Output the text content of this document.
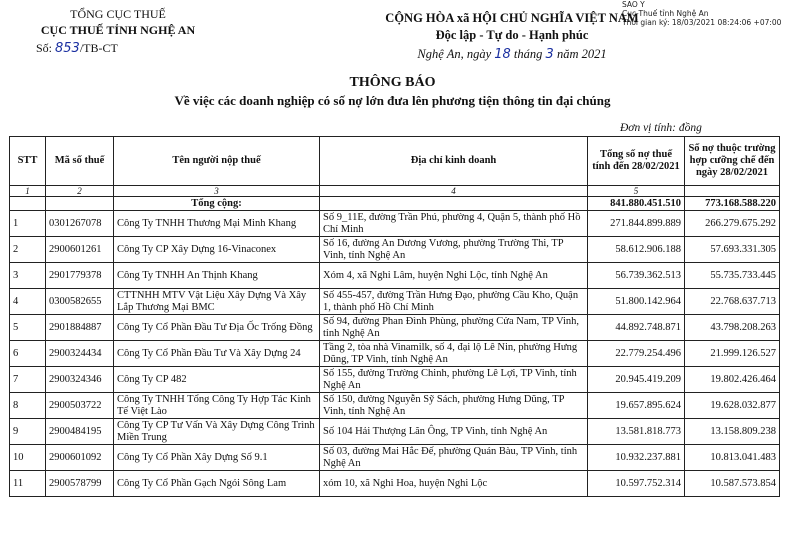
SAO Y
Cục Thuế tỉnh Nghệ An
Thời gian ký: 18/03/2021 08:24:06 +07:00
TỔNG CỤC THUẾ
CỤC THUẾ TỈNH NGHỆ AN
Số: 853/TB-CT
CỘNG HÒA xã HỘI CHỦ NGHĨA VIỆT NAM
Độc lập - Tự do - Hạnh phúc
Nghệ An, ngày 18 tháng 3 năm 2021
THÔNG BÁO
Về việc các doanh nghiệp có số nợ lớn đưa lên phương tiện thông tin đại chúng
Đơn vị tính: đồng
STT	Mã số thuế	Tên người nộp thuế	Địa chỉ kinh doanh	Tổng số nợ thuế tính đến 28/02/2021	Số nợ thuộc trường hợp cưỡng chế đến ngày 28/02/2021
1	2	3	4	5	
		Tổng cộng:		841.880.451.510	773.168.588.220
1	0301267078	Công Ty TNHH Thương Mại Minh Khang	Số 9_11E, đường Trần Phú, phường 4, Quận 5, thành phố Hồ Chí Minh	271.844.899.889	266.279.675.292
2	2900601261	Công Ty CP Xây Dựng 16-Vinaconex	Số 16, đường An Dương Vương, phường Trường Thi, TP Vinh, tỉnh Nghệ An	58.612.906.188	57.693.331.305
3	2901779378	Công Ty TNHH An Thịnh Khang	Xóm 4, xã Nghi Lâm, huyện Nghi Lộc, tỉnh Nghệ An	56.739.362.513	55.735.733.445
4	0300582655	CTTNHH MTV Vật Liệu Xây Dựng Và Xây Lắp Thương Mại BMC	Số 455-457, đường Trần Hưng Đạo, phường Cầu Kho, Quận 1, thành phố Hồ Chí Minh	51.800.142.964	22.768.637.713
5	2901884887	Công Ty Cổ Phần Đầu Tư Địa Ốc Trống Đồng	Số 94, đường Phan Đình Phùng, phường Cửa Nam, TP Vinh, tỉnh Nghệ An	44.892.748.871	43.798.208.263
6	2900324434	Công Ty Cổ Phần Đầu Tư Và Xây Dựng 24	Tầng 2, tòa nhà Vinamilk, số 4, đại lộ Lê Nin, phường Hưng Dũng, TP Vinh, tỉnh Nghệ An	22.779.254.496	21.999.126.527
7	2900324346	Công Ty CP 482	Số 155, đường Trường Chinh, phường Lê Lợi, TP Vinh, tỉnh Nghệ An	20.945.419.209	19.802.426.464
8	2900503722	Công Ty TNHH Tổng Công Ty Hợp Tác Kinh Tế Việt Lào	Số 150, đường Nguyễn Sỹ Sách, phường Hưng Dũng, TP Vinh, tỉnh Nghệ An	19.657.895.624	19.628.032.877
9	2900484195	Công Ty CP Tư Vấn Và Xây Dựng Công Trình Miền Trung	Số 104 Hải Thượng Lãn Ông, TP Vinh, tỉnh Nghệ An	13.581.818.773	13.158.809.238
10	2900601092	Công Ty Cổ Phần Xây Dựng Số 9.1	Số 03, đường Mai Hắc Đế, phường Quán Bàu, TP Vinh, tỉnh Nghệ An	10.932.237.881	10.813.041.483
11	2900578799	Công Ty Cổ Phần Gạch Ngói Sông Lam	xóm 10, xã Nghi Hoa, huyện Nghi Lộc	10.597.752.314	10.587.573.854
